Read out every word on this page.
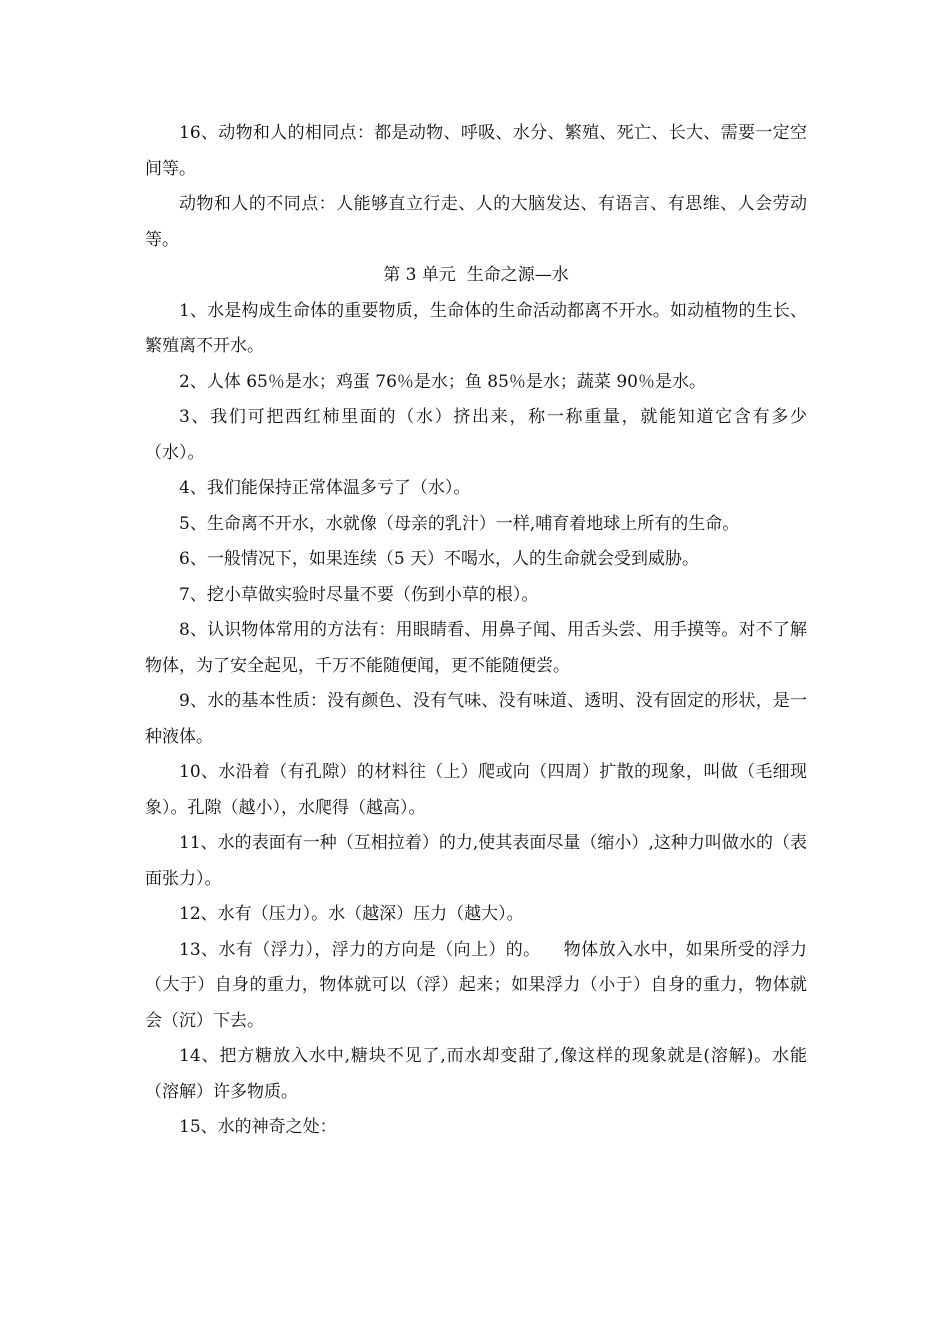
16、动物和人的相同点：都是动物、呼吸、水分、繁殖、死亡、长大、需要一定空间等。

动物和人的不同点：人能够直立行走、人的大脑发达、有语言、有思维、人会劳动等。

第 3 单元  生命之源—水

1、水是构成生命体的重要物质，生命体的生命活动都离不开水。如动植物的生长、繁殖离不开水。

2、人体 65％是水；鸡蛋 76％是水；鱼 85％是水；蔬菜 90％是水。

3、我们可把西红柿里面的（水）挤出来，称一称重量，就能知道它含有多少（水）。

4、我们能保持正常体温多亏了（水）。

5、生命离不开水，水就像（母亲的乳汁）一样,哺育着地球上所有的生命。

6、一般情况下，如果连续（5 天）不喝水，人的生命就会受到威胁。

7、挖小草做实验时尽量不要（伤到小草的根）。

8、认识物体常用的方法有：用眼睛看、用鼻子闻、用舌头尝、用手摸等。对不了解物体，为了安全起见，千万不能随便闻，更不能随便尝。

9、水的基本性质：没有颜色、没有气味、没有味道、透明、没有固定的形状，是一种液体。

10、水沿着（有孔隙）的材料往（上）爬或向（四周）扩散的现象，叫做（毛细现象）。孔隙（越小），水爬得（越高）。

11、水的表面有一种（互相拉着）的力,使其表面尽量（缩小）,这种力叫做水的（表面张力）。

12、水有（压力）。水（越深）压力（越大）。

13、水有（浮力），浮力的方向是（向上）的。    物体放入水中，如果所受的浮力（大于）自身的重力，物体就可以（浮）起来；如果浮力（小于）自身的重力，物体就会（沉）下去。

14、把方糖放入水中,糖块不见了,而水却变甜了,像这样的现象就是(溶解)。水能（溶解）许多物质。

15、水的神奇之处：
